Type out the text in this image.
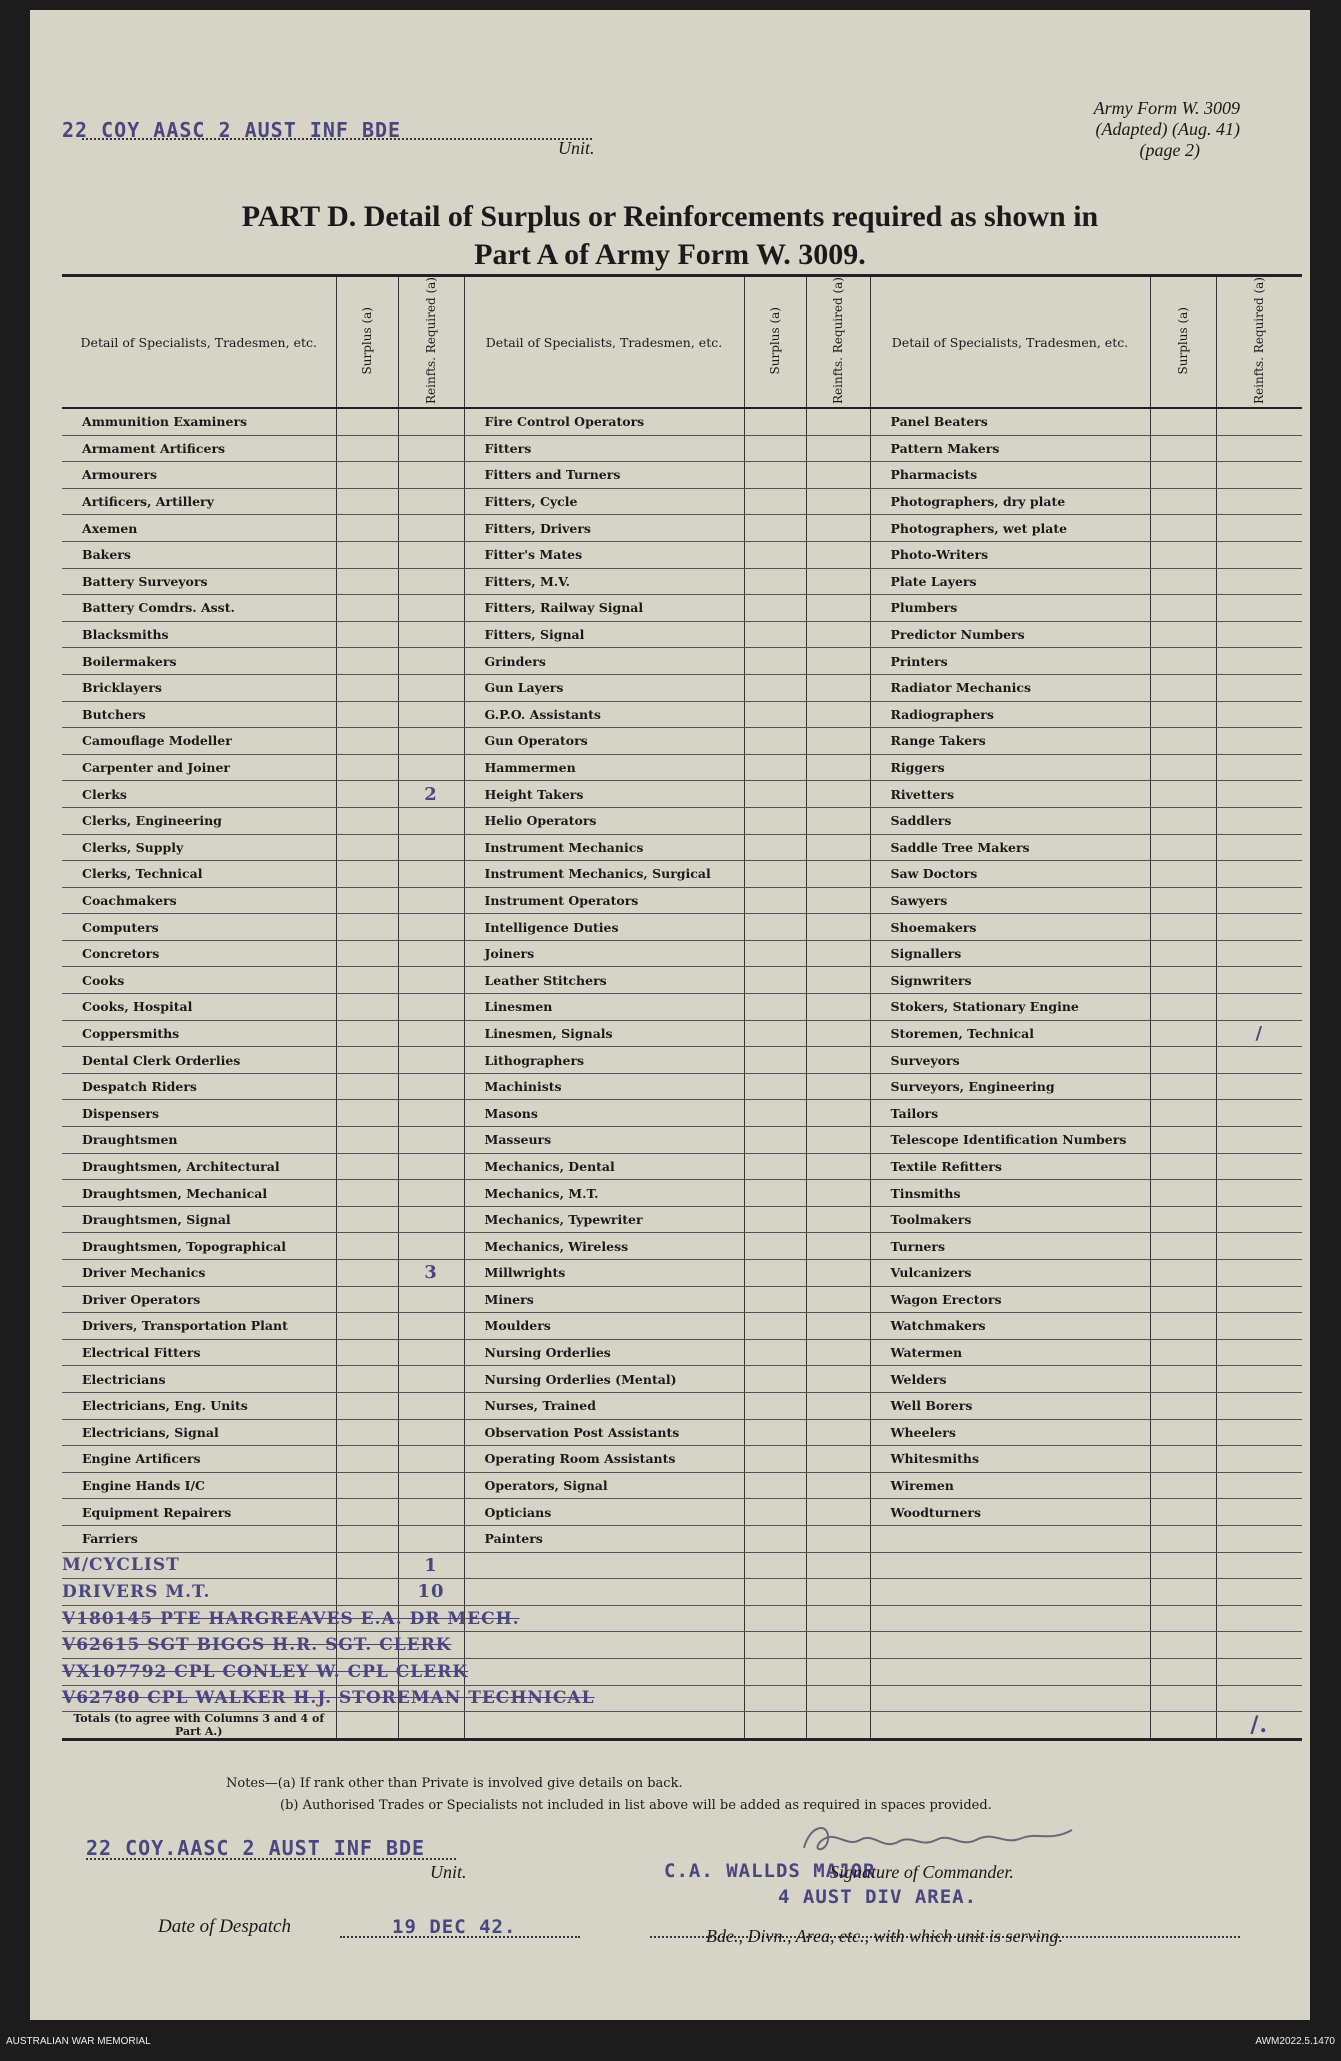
22 COY AASC 2 AUST INF BDE
Unit.
Army Form W. 3009
(Adapted) (Aug. 41)
(page 2)
PART D. Detail of Surplus or Reinforcements required as shown in
Part A of Army Form W. 3009.
Detail of Specialists, Tradesmen, etc.	Surplus (a)	Reinfts. Required (a)	Detail of Specialists, Tradesmen, etc.	Surplus (a)	Reinfts. Required (a)	Detail of Specialists, Tradesmen, etc.	Surplus (a)	Reinfts. Required (a)
Ammunition Examiners			Fire Control Operators			Panel Beaters		
Armament Artificers			Fitters			Pattern Makers		
Armourers			Fitters and Turners			Pharmacists		
Artificers, Artillery			Fitters, Cycle			Photographers, dry plate		
Axemen			Fitters, Drivers			Photographers, wet plate		
Bakers			Fitter's Mates			Photo-Writers		
Battery Surveyors			Fitters, M.V.			Plate Layers		
Battery Comdrs. Asst.			Fitters, Railway Signal			Plumbers		
Blacksmiths			Fitters, Signal			Predictor Numbers		
Boilermakers			Grinders			Printers		
Bricklayers			Gun Layers			Radiator Mechanics		
Butchers			G.P.O. Assistants			Radiographers		
Camouflage Modeller			Gun Operators			Range Takers		
Carpenter and Joiner			Hammermen			Riggers		
Clerks		2	Height Takers			Rivetters		
Clerks, Engineering			Helio Operators			Saddlers		
Clerks, Supply			Instrument Mechanics			Saddle Tree Makers		
Clerks, Technical			Instrument Mechanics, Surgical			Saw Doctors		
Coachmakers			Instrument Operators			Sawyers		
Computers			Intelligence Duties			Shoemakers		
Concretors			Joiners			Signallers		
Cooks			Leather Stitchers			Signwriters		
Cooks, Hospital			Linesmen			Stokers, Stationary Engine		
Coppersmiths			Linesmen, Signals			Storemen, Technical		/
Dental Clerk Orderlies			Lithographers			Surveyors		
Despatch Riders			Machinists			Surveyors, Engineering		
Dispensers			Masons			Tailors		
Draughtsmen			Masseurs			Telescope Identification Numbers		
Draughtsmen, Architectural			Mechanics, Dental			Textile Refitters		
Draughtsmen, Mechanical			Mechanics, M.T.			Tinsmiths		
Draughtsmen, Signal			Mechanics, Typewriter			Toolmakers		
Draughtsmen, Topographical			Mechanics, Wireless			Turners		
Driver Mechanics		3	Millwrights			Vulcanizers		
Driver Operators			Miners			Wagon Erectors		
Drivers, Transportation Plant			Moulders			Watchmakers		
Electrical Fitters			Nursing Orderlies			Watermen		
Electricians			Nursing Orderlies (Mental)			Welders		
Electricians, Eng. Units			Nurses, Trained			Well Borers		
Electricians, Signal			Observation Post Assistants			Wheelers		
Engine Artificers			Operating Room Assistants			Whitesmiths		
Engine Hands I/C			Operators, Signal			Wiremen		
Equipment Repairers			Opticians			Woodturners		
Farriers			Painters					
M/CYCLIST		1						
DRIVERS M.T.		10						
V180145 PTE HARGREAVES E.A. DR MECH.								
V62615 SGT BIGGS H.R. SGT. CLERK								
VX107792 CPL CONLEY W. CPL CLERK								
V62780 CPL WALKER H.J. STOREMAN TECHNICAL								
Totals (to agree with Columns 3 and 4 of Part A.)								/.
Notes—(a) If rank other than Private is involved give details on back.
(b) Authorised Trades or Specialists not included in list above will be added as required in spaces provided.
22 COY.AASC 2 AUST INF BDE
Unit.	C.A. WALLDS MAJOR
Signature of Commander.
4 AUST DIV AREA.
Date of Despatch	19 DEC 42.	Bde., Divn., Area, etc., with which unit is serving.
AUSTRALIAN WAR MEMORIAL	AWM2022.5.1470
